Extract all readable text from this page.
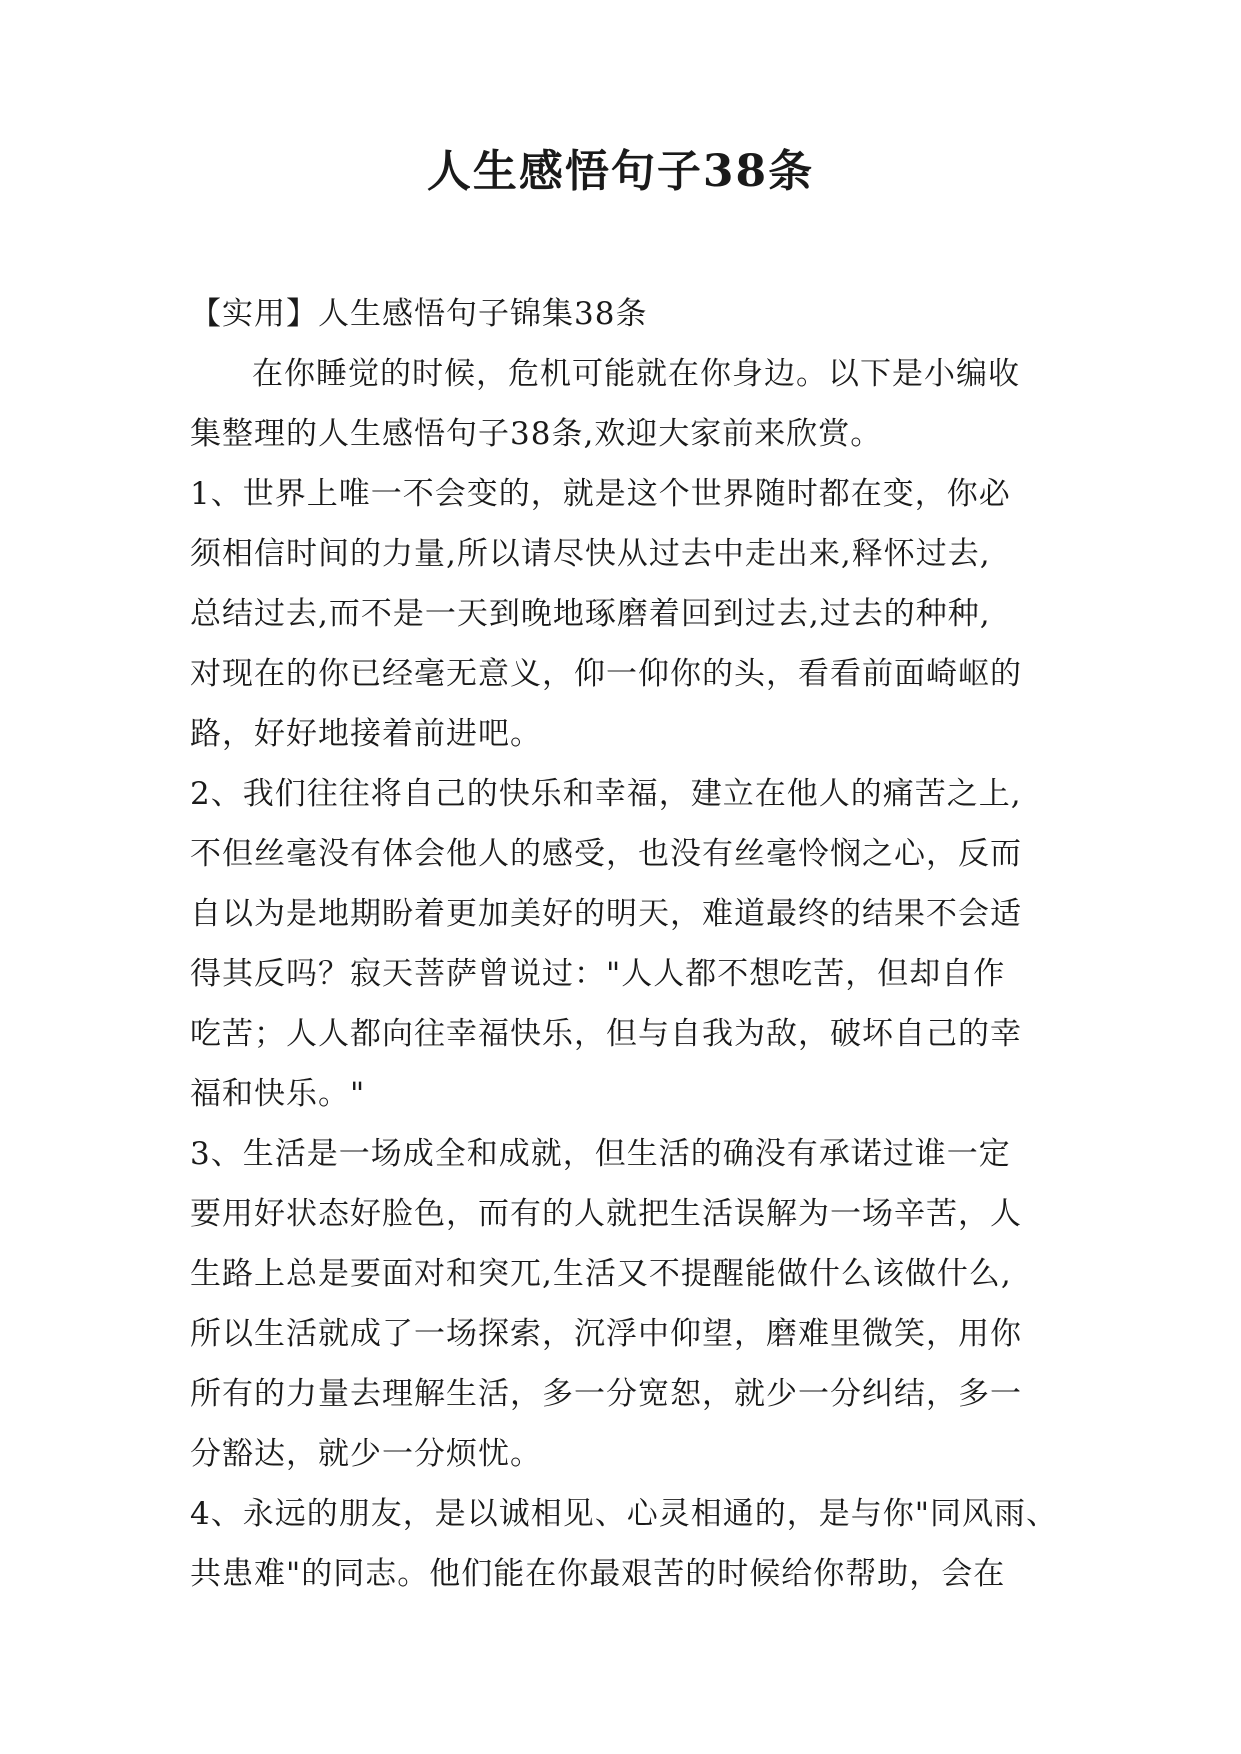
人生感悟句子38条
【实用】人生感悟句子锦集38条
在你睡觉的时候，危机可能就在你身边。以下是小编收
集整理的人生感悟句子38条,欢迎大家前来欣赏。
1、世界上唯一不会变的，就是这个世界随时都在变，你必
须相信时间的力量,所以请尽快从过去中走出来,释怀过去,
总结过去,而不是一天到晚地琢磨着回到过去,过去的种种,
对现在的你已经毫无意义，仰一仰你的头，看看前面崎岖的
路，好好地接着前进吧。
2、我们往往将自己的快乐和幸福，建立在他人的痛苦之上,
不但丝毫没有体会他人的感受，也没有丝毫怜悯之心，反而
自以为是地期盼着更加美好的明天，难道最终的结果不会适
得其反吗？寂天菩萨曾说过："人人都不想吃苦，但却自作
吃苦；人人都向往幸福快乐，但与自我为敌，破坏自己的幸
福和快乐。"
3、生活是一场成全和成就，但生活的确没有承诺过谁一定
要用好状态好脸色，而有的人就把生活误解为一场辛苦，人
生路上总是要面对和突兀,生活又不提醒能做什么该做什么,
所以生活就成了一场探索，沉浮中仰望，磨难里微笑，用你
所有的力量去理解生活，多一分宽恕，就少一分纠结，多一
分豁达，就少一分烦忧。
4、永远的朋友，是以诚相见、心灵相通的，是与你"同风雨、
共患难"的同志。他们能在你最艰苦的时候给你帮助，会在
